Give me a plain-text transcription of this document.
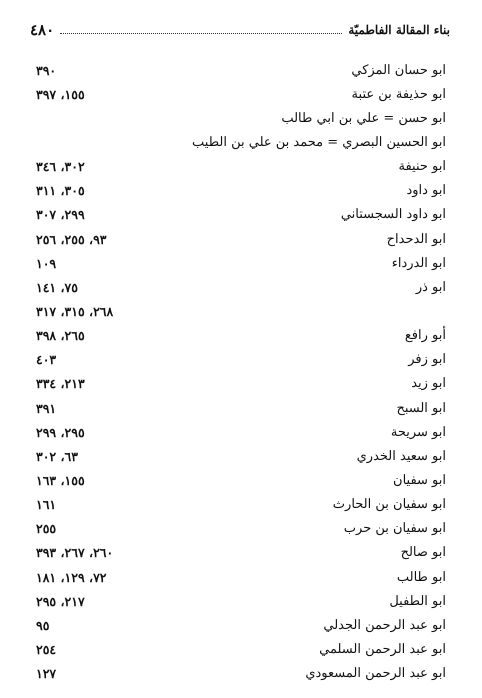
٤٨٠	بناء المقالة الفاطميّة
٣٩٠	ابو حسان المزكي
١٥٥، ٣٩٧	ابو حذيفة بن عتبة
ابو حسن = علي بن ابي طالب
ابو الحسين البصري = محمد بن علي بن الطيب
٣٠٢، ٣٤٦	ابو حنيفة
٣٠٥، ٣١١	ابو داود
٢٩٩، ٣٠٧	ابو داود السجستاني
٩٣، ٢٥٥، ٢٥٦	ابو الدحداح
١٠٩	ابو الدرداء
٧٥، ١٤١	ابو ذر
٢٦٨، ٣١٥، ٣١٧
٢٦٥، ٣٩٨	أبو رافع
٤٠٣	ابو زفر
٢١٣، ٣٣٤	ابو زيد
٣٩١	ابو السبح
٢٩٥، ٢٩٩	ابو سريحة
٦٣، ٣٠٢	ابو سعيد الخدري
١٥٥، ١٦٣	ابو سفيان
١٦١	ابو سفيان بن الحارث
٢٥٥	ابو سفيان بن حرب
٢٦٠، ٢٦٧، ٣٩٣	ابو صالح
٧٢، ١٢٩، ١٨١	ابو طالب
٢١٧، ٢٩٥	ابو الطفيل
٩٥	ابو عبد الرحمن الجدلي
٢٥٤	ابو عبد الرحمن السلمي
١٢٧	ابو عبد الرحمن المسعودي
